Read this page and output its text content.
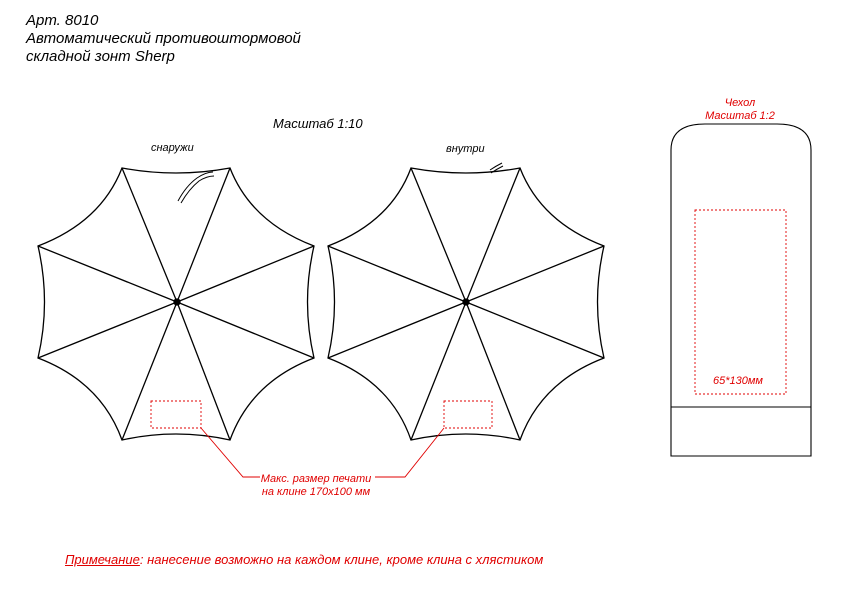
Арт. 8010
Автоматический противоштормовой
складной зонт Sherp
Масштаб 1:10
снаружи	внутри
Чехол
Масштаб 1:2
65*130мм
Макс. размер печати
на клине 170х100 мм
Примечание: нанесение возможно на каждом клине, кроме клина с хлястиком
